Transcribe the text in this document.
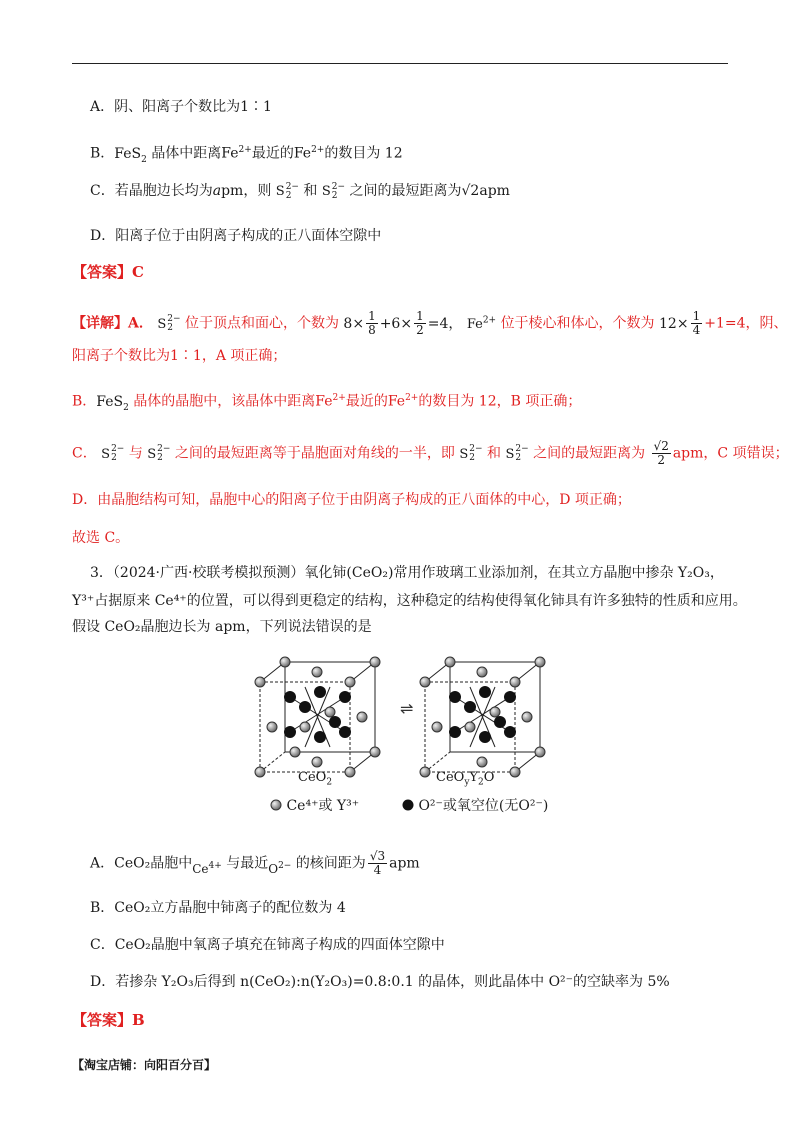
A．阴、阳离子个数比为1∶1
B．FeS$_2$ 晶体中距离$Fe^{2+}$最近的$Fe^{2+}$的数目为 12
C．若晶胞边长均为apm，则 S 2−
2 和 S 2−
2 之间的最短距离为√2apm
D．阳离子位于由阴离子构成的正八面体空隙中
【答案】C
【详解】A． S 2−
2 位于顶点和面心，个数为 $8\times \frac{1}{8} +6\times \frac{1}{2} =4$， $Fe^{2+}$ 位于棱心和体心，个数为 $12\times \frac{1}{4} +1=4$，阴、
阳离子个数比为1∶1，A 项正确；
B．FeS$_2$ 晶体的晶胞中，该晶体中距离$Fe^{2+}$最近的$Fe^{2+}$的数目为 12，B 项正确；
C． S 2−
2 与 S 2−
2 之间的最短距离等于晶胞面对角线的一半，即 S 2−
2 和 S 2−
2 之间的最短距离为 $\frac{√2}{2}$ apm，C 项错误；
D．由晶胞结构可知，晶胞中心的阳离子位于由阴离子构成的正八面体的中心，D 项正确；
故选 C。
3．（2024·广西·校联考模拟预测）氧化铈(CeO₂)常用作玻璃工业添加剂，在其立方晶胞中掺杂 Y₂O₃，
Y³⁺占据原来 Ce⁴⁺的位置，可以得到更稳定的结构，这种稳定的结构使得氧化铈具有许多独特的性质和应用。
假设 CeO₂晶胞边长为 apm，下列说法错误的是
⇌
CeO$_2$	$CeO_yY_2O$
Ce⁴⁺或 Y³⁺	O²⁻或氧空位(无O²⁻)
A．CeO₂晶胞中$Ce^{4+}$ 与最近$O^{2-}$ 的核间距为 $\frac{√3}{4}$ apm
B．CeO₂立方晶胞中铈离子的配位数为 4
C．CeO₂晶胞中氧离子填充在铈离子构成的四面体空隙中
D．若掺杂 Y₂O₃后得到 n(CeO₂):n(Y₂O₃)=0.8:0.1 的晶体，则此晶体中 O²⁻的空缺率为 5%
【答案】B
【淘宝店铺：向阳百分百】
